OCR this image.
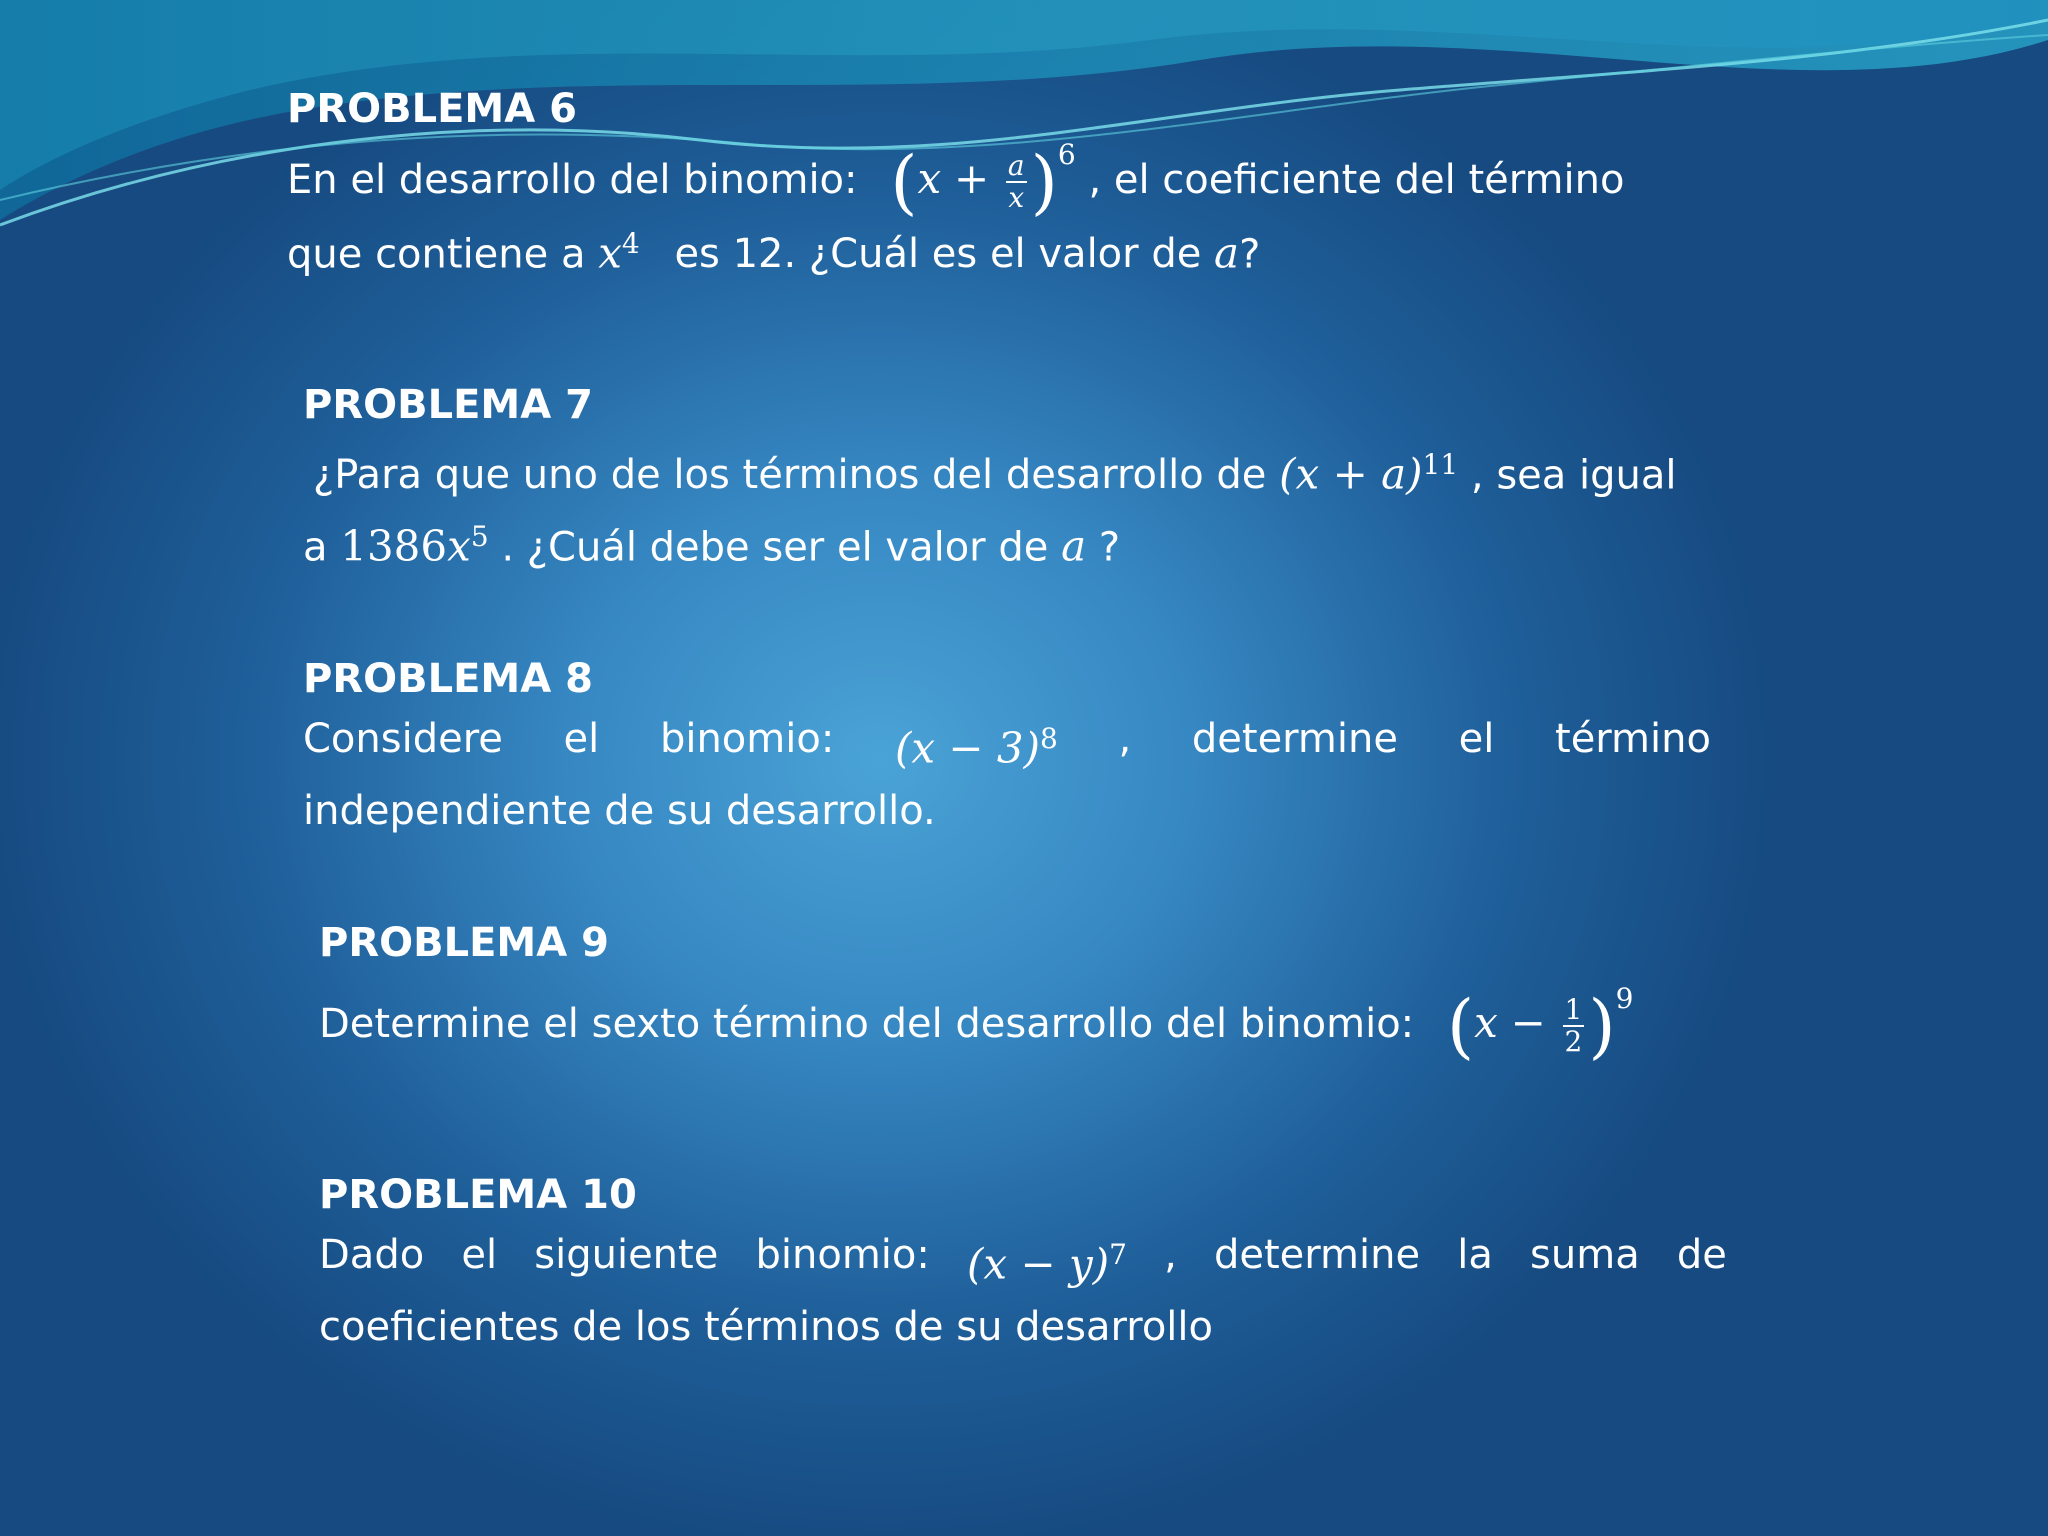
PROBLEMA 6
En el desarrollo del binomio: $(x + \frac{a}{x} )^6$ , el coeficiente del término
que contiene a $x^4$ es 12. ¿Cuál es el valor de a?
PROBLEMA 7
¿Para que uno de los términos del desarrollo de $(x + a)^{11}$ , sea igual
a $1386x^5$ . ¿Cuál debe ser el valor de a ?
PROBLEMA 8
Considere el binomio: $(x - 3)^8$ , determine el término
independiente de su desarrollo.
PROBLEMA 9
Determine el sexto término del desarrollo del binomio: $(x - \frac{1}{2} )^9$
PROBLEMA 10
Dado el siguiente binomio: $(x - y)^7$ , determine la suma de
coeficientes de los términos de su desarrollo
